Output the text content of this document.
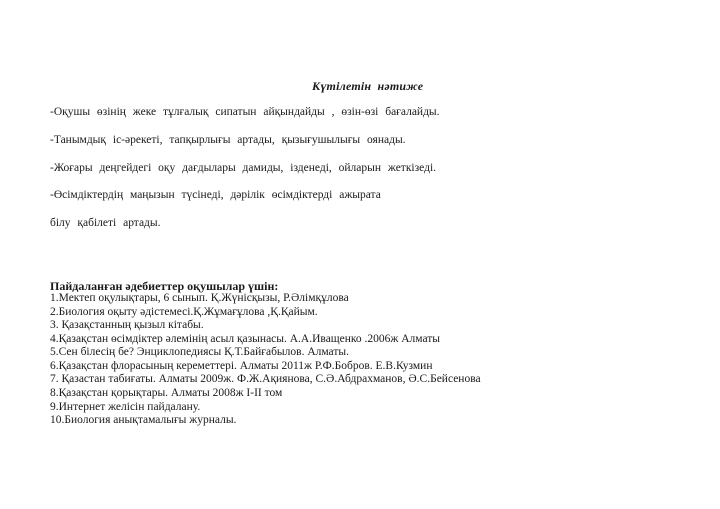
Күтілетін нәтиже
-Оқушы өзінің жеке тұлғалық сипатын айқындайды , өзін-өзі бағалайды.
-Танымдық іс-әрекеті, тапқырлығы артады, қызығушылығы оянады.
-Жоғары деңгейдегі оқу дағдылары дамиды, ізденеді, ойларын жеткізеді.
-Өсімдіктердің маңызын түсінеді, дәрілік өсімдіктерді ажырата
білу қабілеті артады.
Пайдаланған әдебиеттер оқушылар үшін:
1.Мектеп оқулықтары, 6 сынып. Қ.Жүнісқызы, Р.Әлімқұлова
2.Биология оқыту әдістемесі.Қ.Жұмағұлова ,Қ.Қайым.
3. Қазақстанның қызыл кітабы.
4.Қазақстан өсімдіктер әлемінің асыл қазынасы. А.А.Иващенко .2006ж Алматы
5.Сен білесің бе? Энциклопедиясы Қ.Т.Байғабылов. Алматы.
6.Қазақстан флорасының кереметтері. Алматы 2011ж Р.Ф.Бобров. Е.В.Кузмин
7. Қазастан табиғаты. Алматы 2009ж. Ф.Ж.Ақиянова, С.Ә.Абдрахманов, Ә.С.Бейсенова
8.Қазақстан қорықтары. Алматы 2008ж І-ІІ том
9.Интернет желісін пайдалану.
10.Биология анықтамалығы журналы.
